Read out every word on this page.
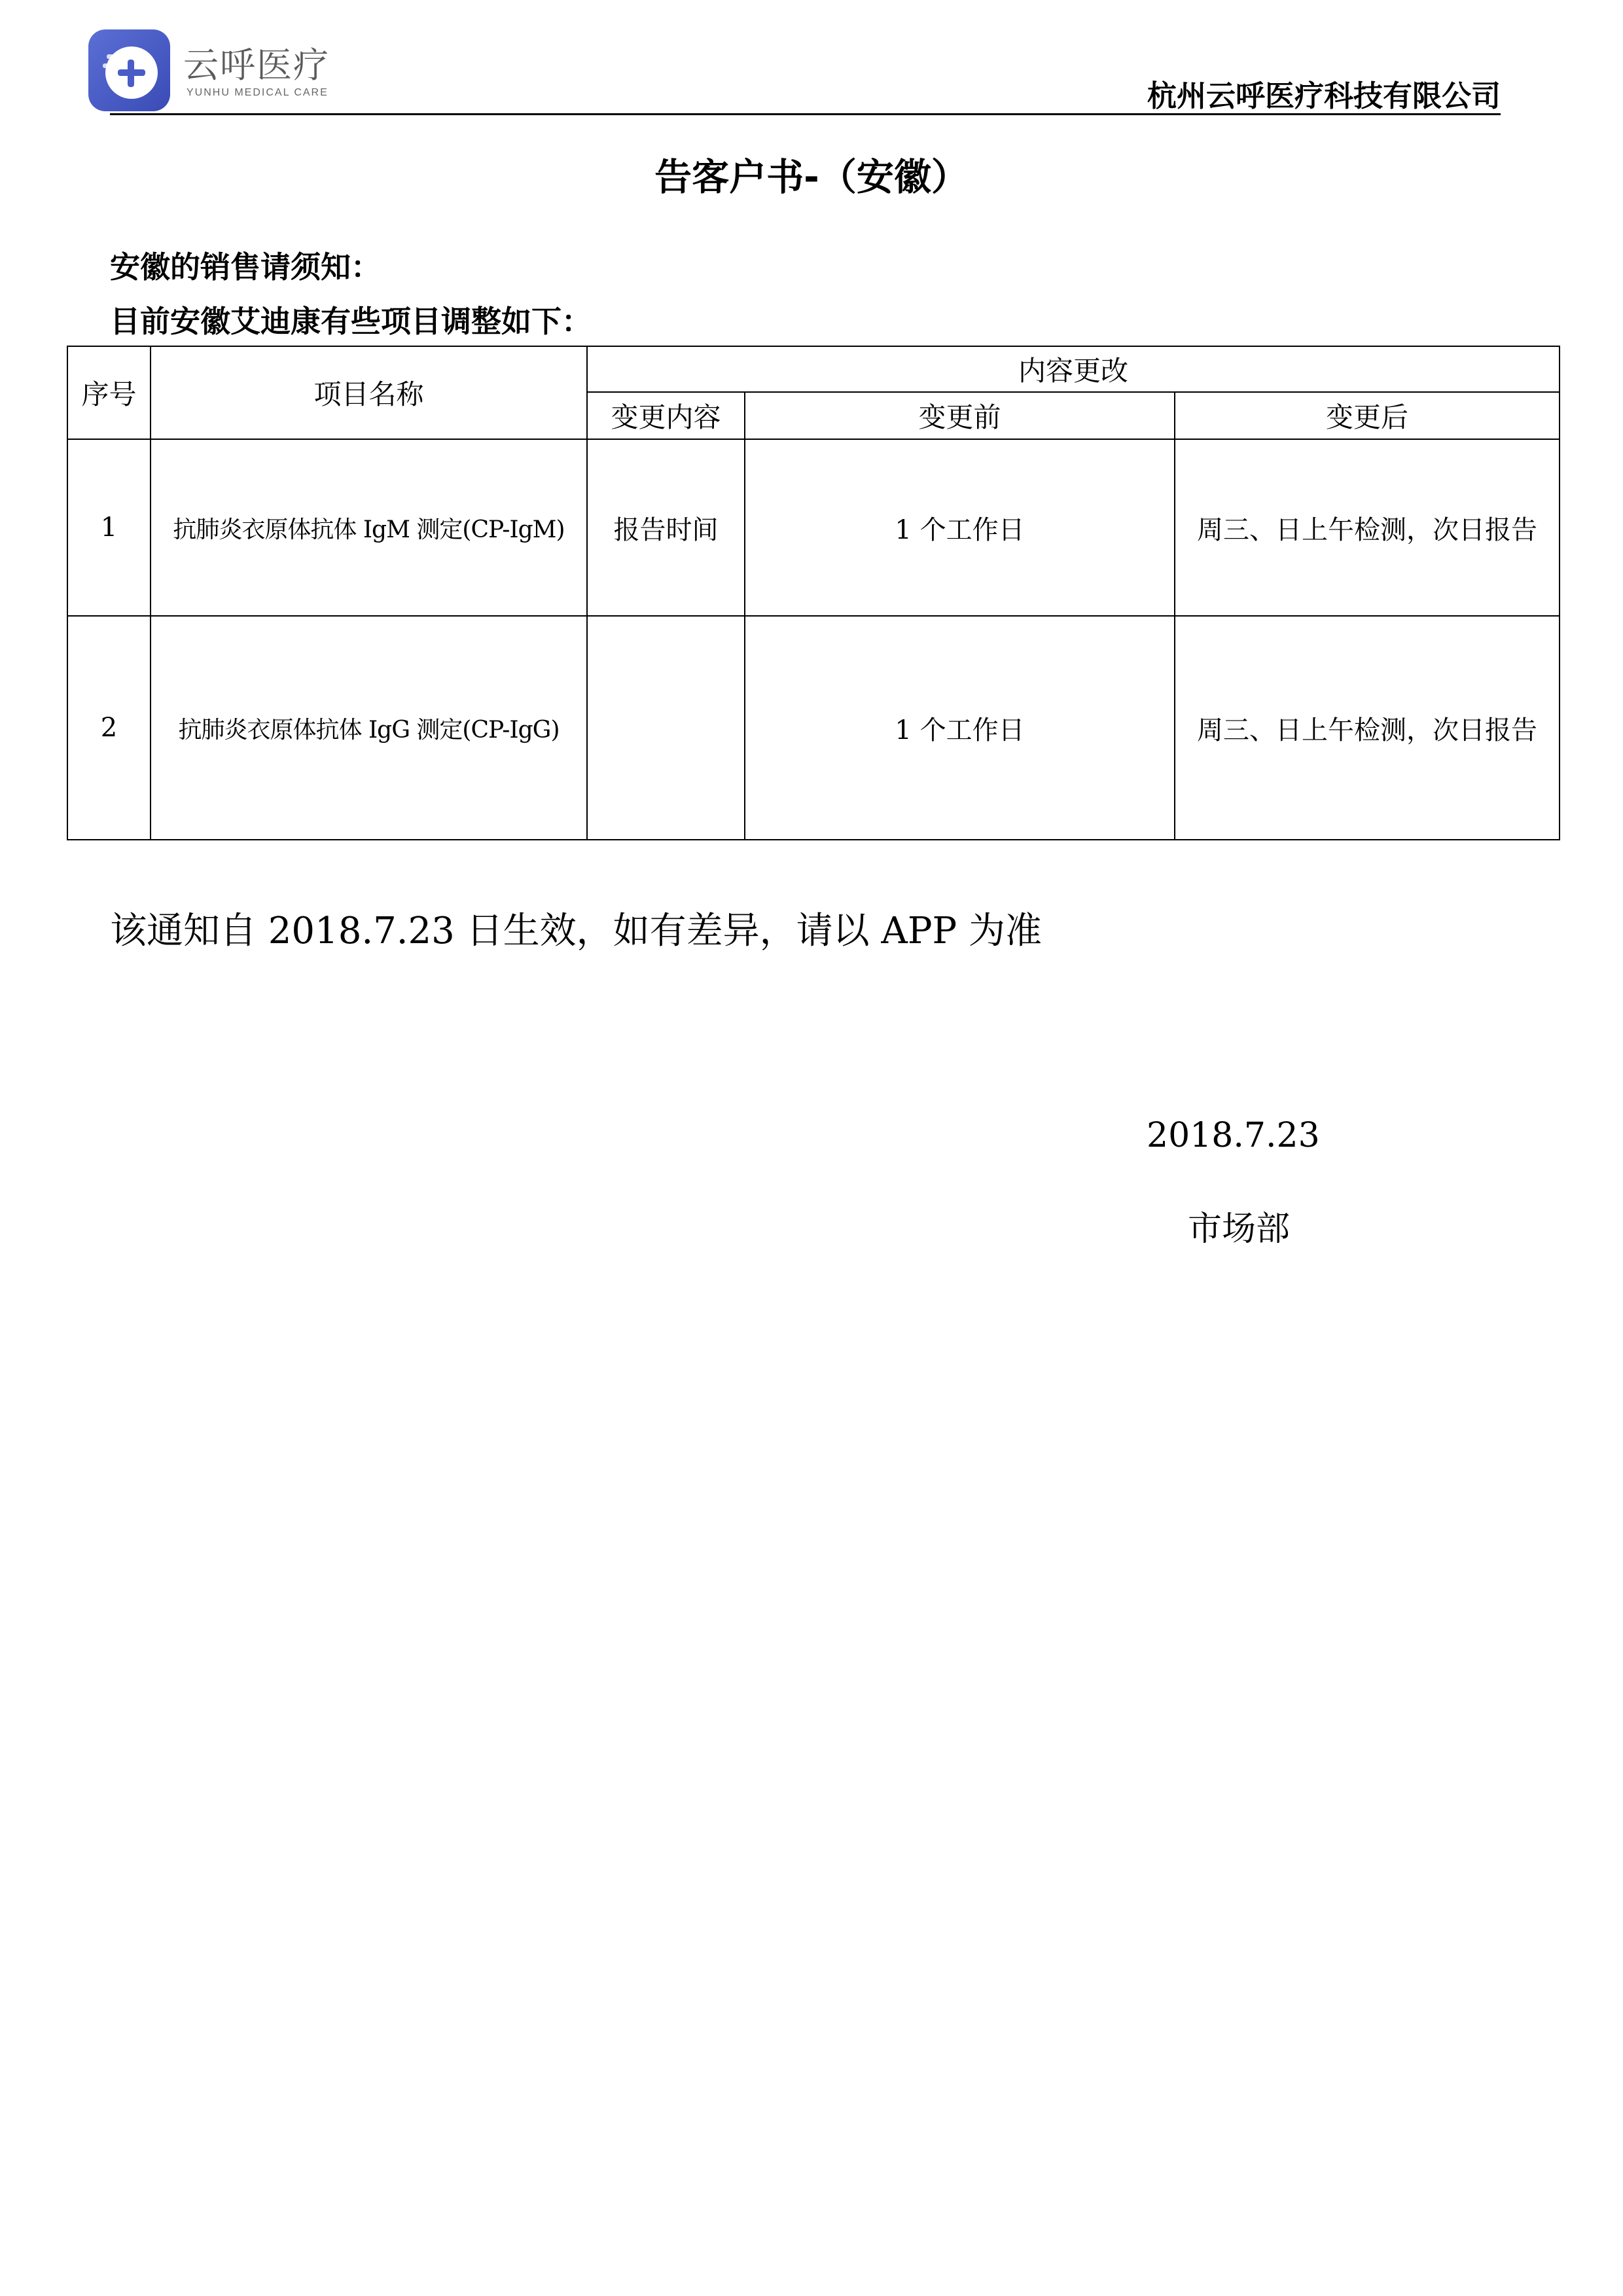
云呼医疗
YUNHU MEDICAL CARE	杭州云呼医疗科技有限公司
告客户书-（安徽）
安徽的销售请须知：
目前安徽艾迪康有些项目调整如下：
序号	项目名称	内容更改		
		变更内容	变更前	变更后
1	抗肺炎衣原体抗体 IgM 测定(CP-IgM)	报告时间	1 个工作日	周三、日上午检测，次日报告
2	抗肺炎衣原体抗体 IgG 测定(CP-IgG)		1 个工作日	周三、日上午检测，次日报告
该通知自 2018.7.23 日生效，如有差异，请以 APP 为准
2018.7.23
市场部
